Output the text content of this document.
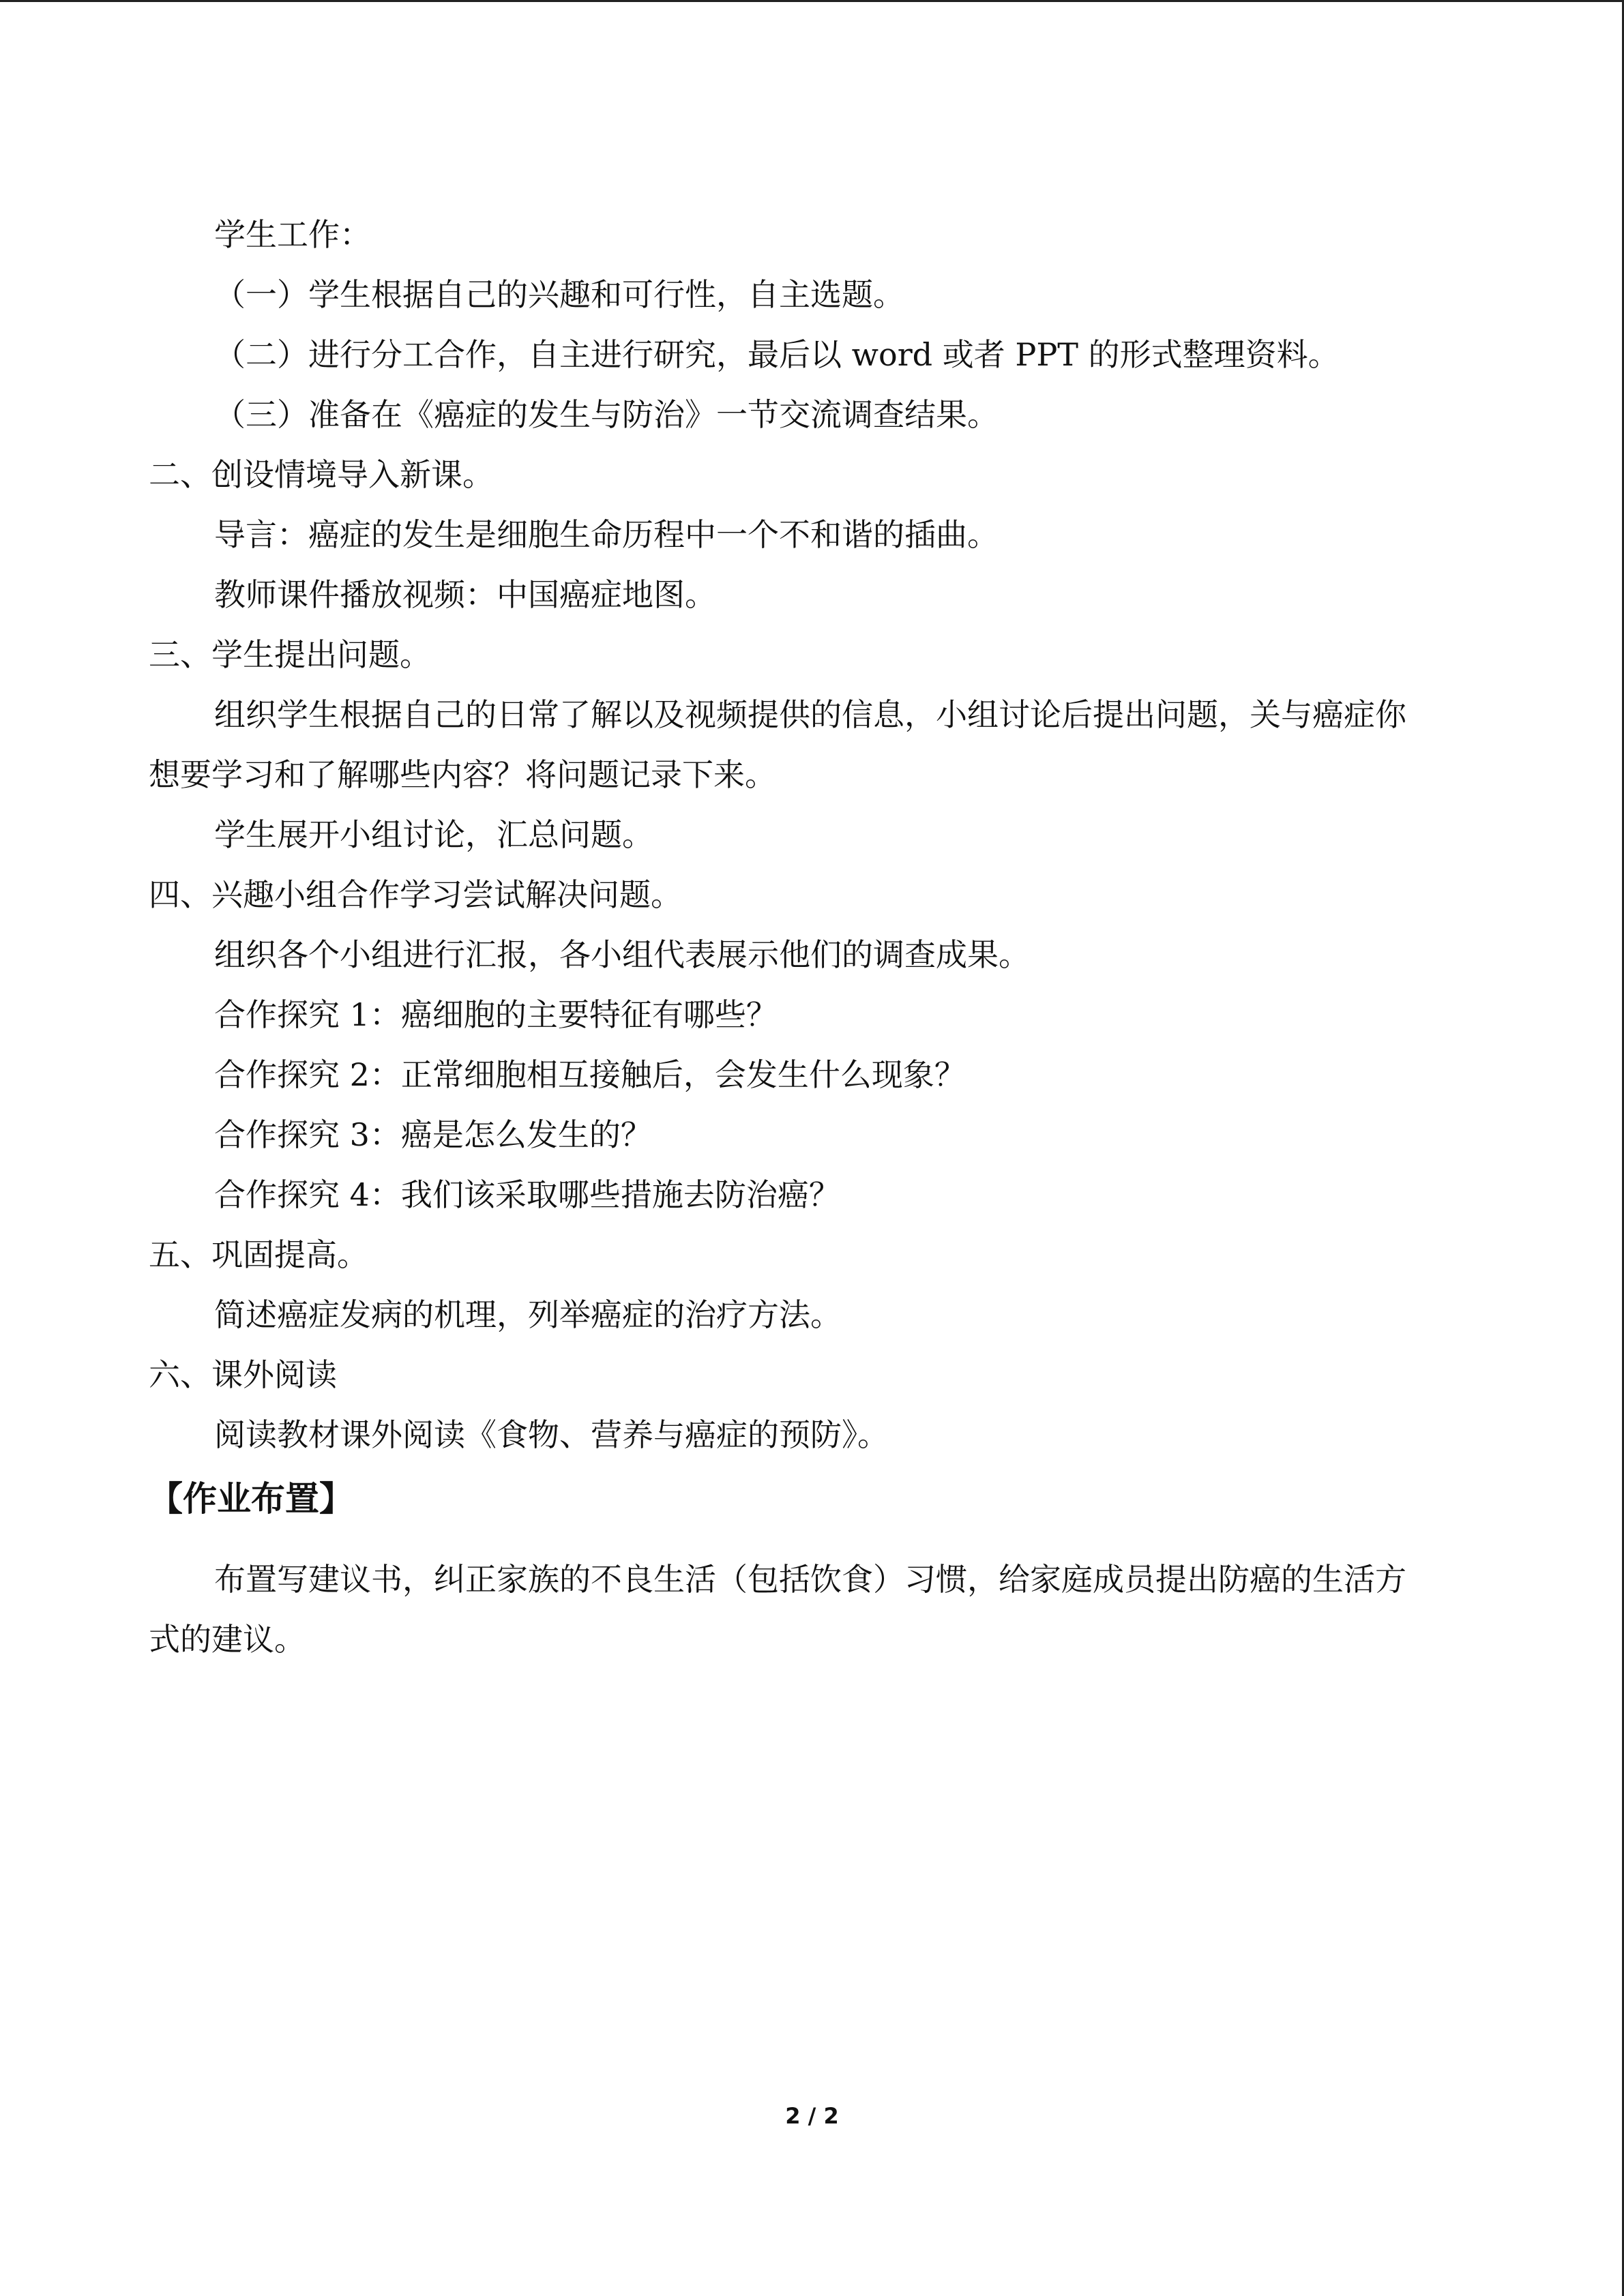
学生工作：
（一）学生根据自己的兴趣和可行性，自主选题。
（二）进行分工合作，自主进行研究，最后以 word 或者 PPT 的形式整理资料。
（三）准备在《癌症的发生与防治》一节交流调查结果。
二、创设情境导入新课。
导言：癌症的发生是细胞生命历程中一个不和谐的插曲。
教师课件播放视频：中国癌症地图。
三、学生提出问题。
组织学生根据自己的日常了解以及视频提供的信息，小组讨论后提出问题，关与癌症你
想要学习和了解哪些内容？将问题记录下来。
学生展开小组讨论，汇总问题。
四、兴趣小组合作学习尝试解决问题。
组织各个小组进行汇报，各小组代表展示他们的调查成果。
合作探究 1：癌细胞的主要特征有哪些？
合作探究 2：正常细胞相互接触后，会发生什么现象？
合作探究 3：癌是怎么发生的？
合作探究 4：我们该采取哪些措施去防治癌？
五、巩固提高。
简述癌症发病的机理，列举癌症的治疗方法。
六、课外阅读
阅读教材课外阅读《食物、营养与癌症的预防》。
【作业布置】
布置写建议书，纠正家族的不良生活（包括饮食）习惯，给家庭成员提出防癌的生活方
式的建议。
2 / 2
